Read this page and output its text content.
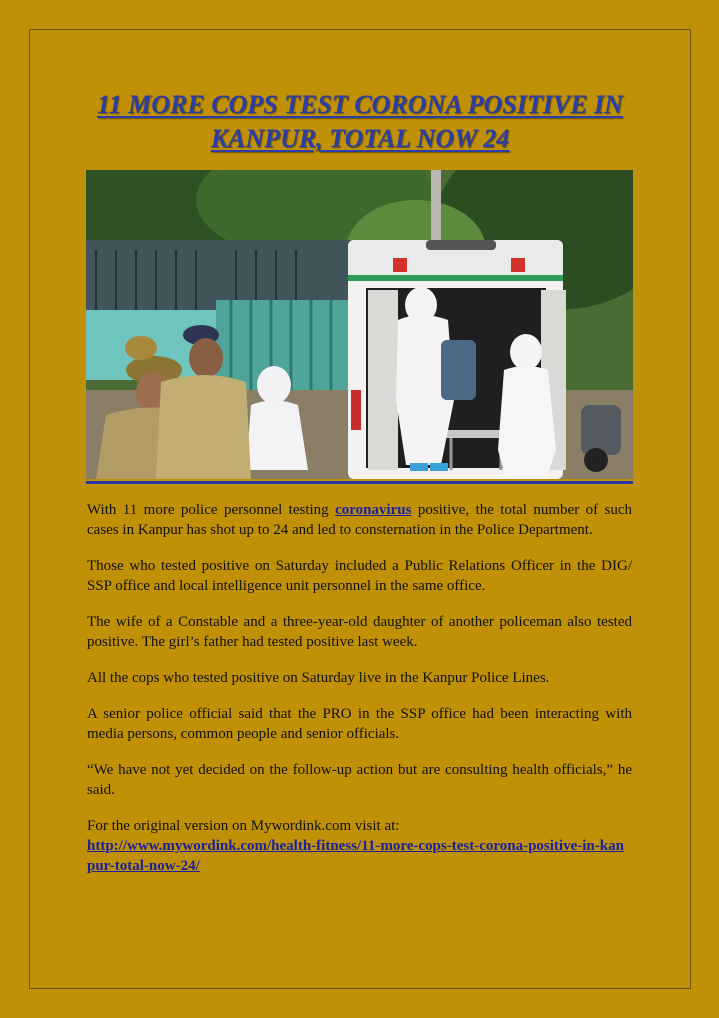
11 MORE COPS TEST CORONA POSITIVE IN KANPUR, TOTAL NOW 24

With 11 more police personnel testing coronavirus positive, the total number of such cases in Kanpur has shot up to 24 and led to consternation in the Police Department.

Those who tested positive on Saturday included a Public Relations Officer in the DIG/ SSP office and local intelligence unit personnel in the same office.

The wife of a Constable and a three-year-old daughter of another policeman also tested positive. The girl’s father had tested positive last week.

All the cops who tested positive on Saturday live in the Kanpur Police Lines.

A senior police official said that the PRO in the SSP office had been interacting with media persons, common people and senior officials.

“We have not yet decided on the follow-up action but are consulting health officials,” he said.

For the original version on Mywordink.com visit at:
http://www.mywordink.com/health-fitness/11-more-cops-test-corona-positive-in-kanpur-total-now-24/
